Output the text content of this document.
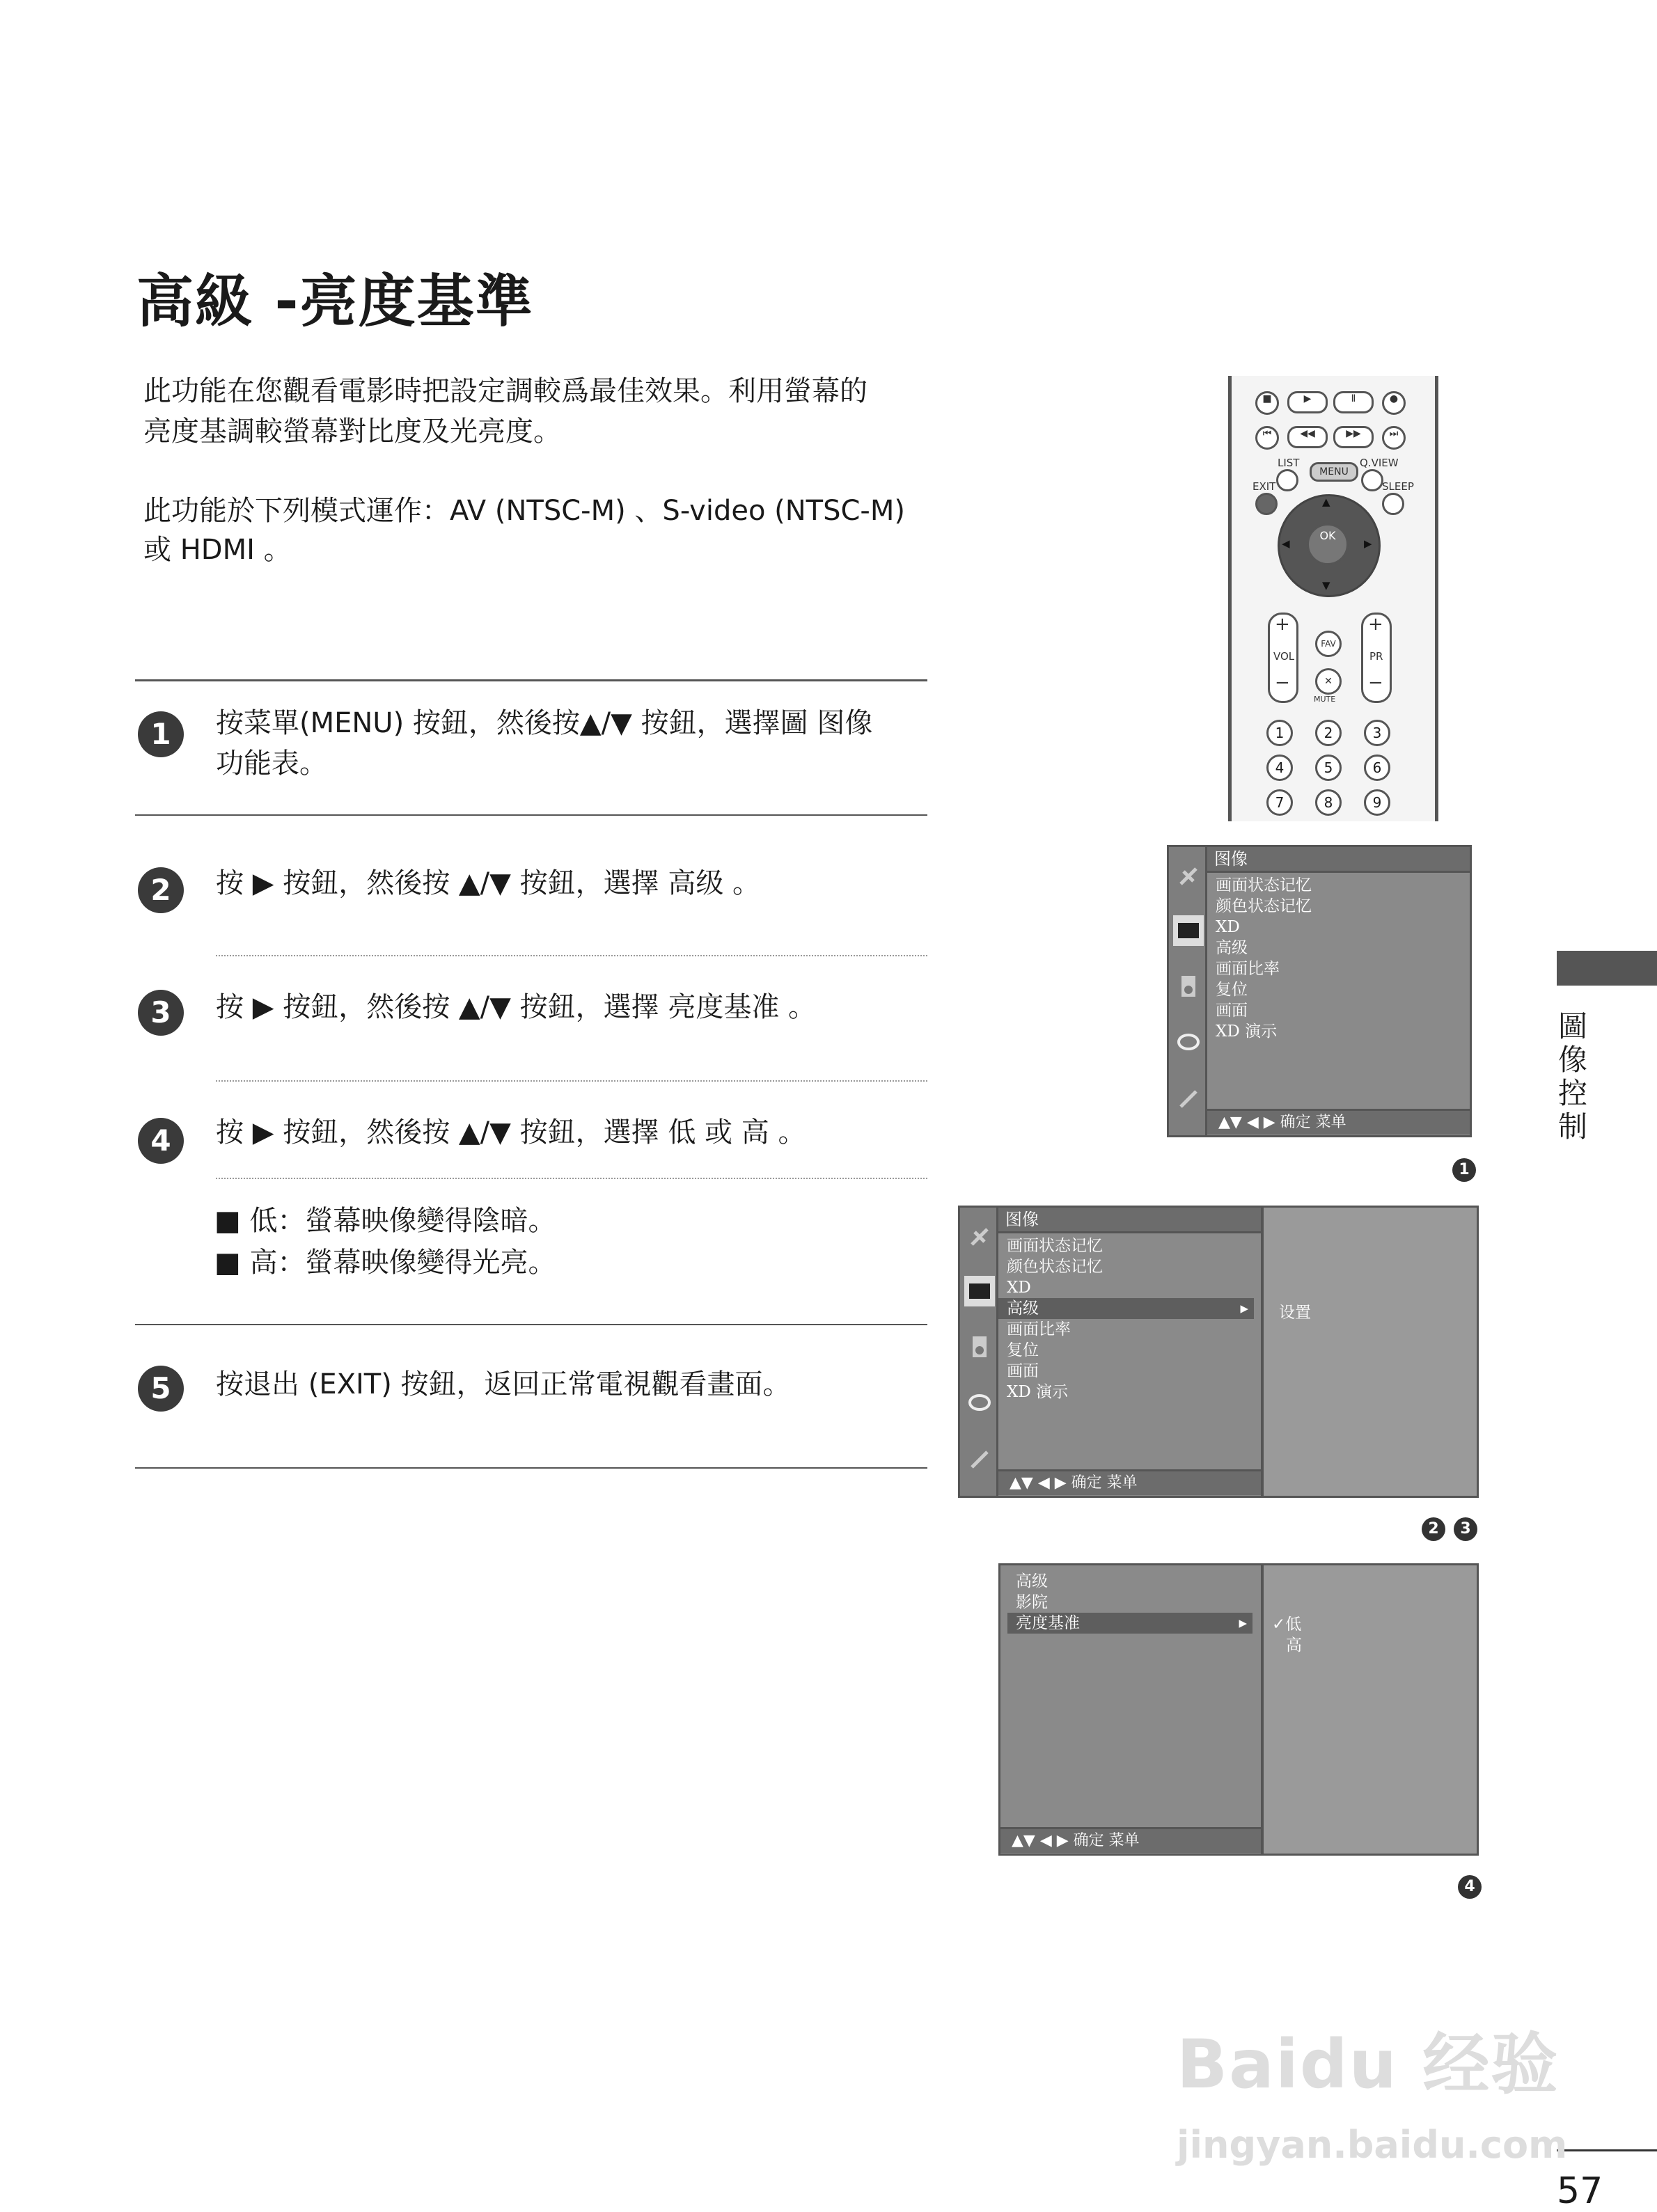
高級 -亮度基準
此功能在您觀看電影時把設定調較爲最佳效果。利用螢幕的
亮度基調較螢幕對比度及光亮度。
此功能於下列模式運作：AV (NTSC-M) 、S-video (NTSC-M)
或 HDMI 。
1	按菜單(MENU) 按鈕，然後按▲/▼ 按鈕，選擇圖 图像
功能表。
2	按 ▶ 按鈕，然後按 ▲/▼ 按鈕，選擇 高级 。
3	按 ▶ 按鈕，然後按 ▲/▼ 按鈕，選擇 亮度基准 。
4	按 ▶ 按鈕，然後按 ▲/▼ 按鈕，選擇 低 或 高 。
■ 低：螢幕映像變得陰暗。
■ 高：螢幕映像變得光亮。
5	按退出 (EXIT) 按鈕，返回正常電視觀看畫面。
■	▶	Ⅱ	●
⏮	◀◀	▶▶	⏭
LIST	Q.VIEW
MENU
EXIT	SLEEP
▲
▼
◀	▶
OK
+
VOL
−
+
PR
−
FAV
✕
MUTE
1	2	3
4	5	6
7	8	9
图像
画面状态记忆
颜色状态记忆
XD
高级
画面比率
复位
画面
XD 演示
▲▼ ◀ ▶ 确定 菜单
1
图像
画面状态记忆
颜色状态记忆
XD
高级	▸
画面比率
复位
画面
XD 演示
▲▼ ◀ ▶ 确定 菜单
设置
2	3
高级
影院
亮度基准	▸
▲▼ ◀ ▶ 确定 菜单
✓低
高
4
圖像控制
57
Baidu 经验
jingyan.baidu.com
